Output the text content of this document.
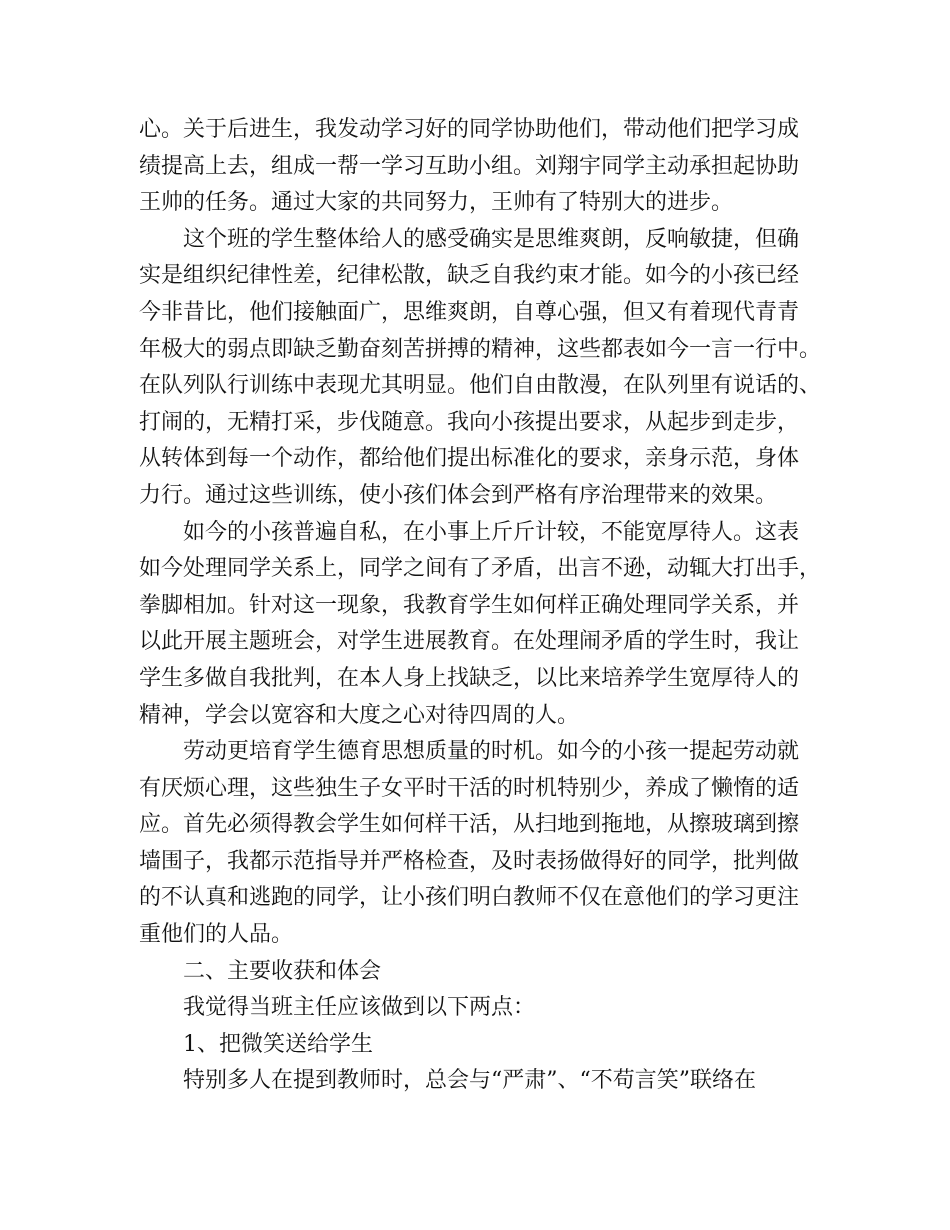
心。关于后进生，我发动学习好的同学协助他们，带动他们把学习成
绩提高上去，组成一帮一学习互助小组。刘翔宇同学主动承担起协助
王帅的任务。通过大家的共同努力，王帅有了特别大的进步。
这个班的学生整体给人的感受确实是思维爽朗，反响敏捷，但确
实是组织纪律性差，纪律松散，缺乏自我约束才能。如今的小孩已经
今非昔比，他们接触面广，思维爽朗，自尊心强，但又有着现代青青
年极大的弱点即缺乏勤奋刻苦拼搏的精神，这些都表如今一言一行中。
在队列队行训练中表现尤其明显。他们自由散漫，在队列里有说话的、
打闹的，无精打采，步伐随意。我向小孩提出要求，从起步到走步，
从转体到每一个动作，都给他们提出标准化的要求，亲身示范，身体
力行。通过这些训练，使小孩们体会到严格有序治理带来的效果。
如今的小孩普遍自私，在小事上斤斤计较，不能宽厚待人。这表
如今处理同学关系上，同学之间有了矛盾，出言不逊，动辄大打出手，
拳脚相加。针对这一现象，我教育学生如何样正确处理同学关系，并
以此开展主题班会，对学生进展教育。在处理闹矛盾的学生时，我让
学生多做自我批判，在本人身上找缺乏，以比来培养学生宽厚待人的
精神，学会以宽容和大度之心对待四周的人。
劳动更培育学生德育思想质量的时机。如今的小孩一提起劳动就
有厌烦心理，这些独生子女平时干活的时机特别少，养成了懒惰的适
应。首先必须得教会学生如何样干活，从扫地到拖地，从擦玻璃到擦
墙围子，我都示范指导并严格检查，及时表扬做得好的同学，批判做
的不认真和逃跑的同学，让小孩们明白教师不仅在意他们的学习更注
重他们的人品。
二、主要收获和体会
我觉得当班主任应该做到以下两点：
1、把微笑送给学生
特别多人在提到教师时，总会与“严肃”、“不苟言笑”联络在
